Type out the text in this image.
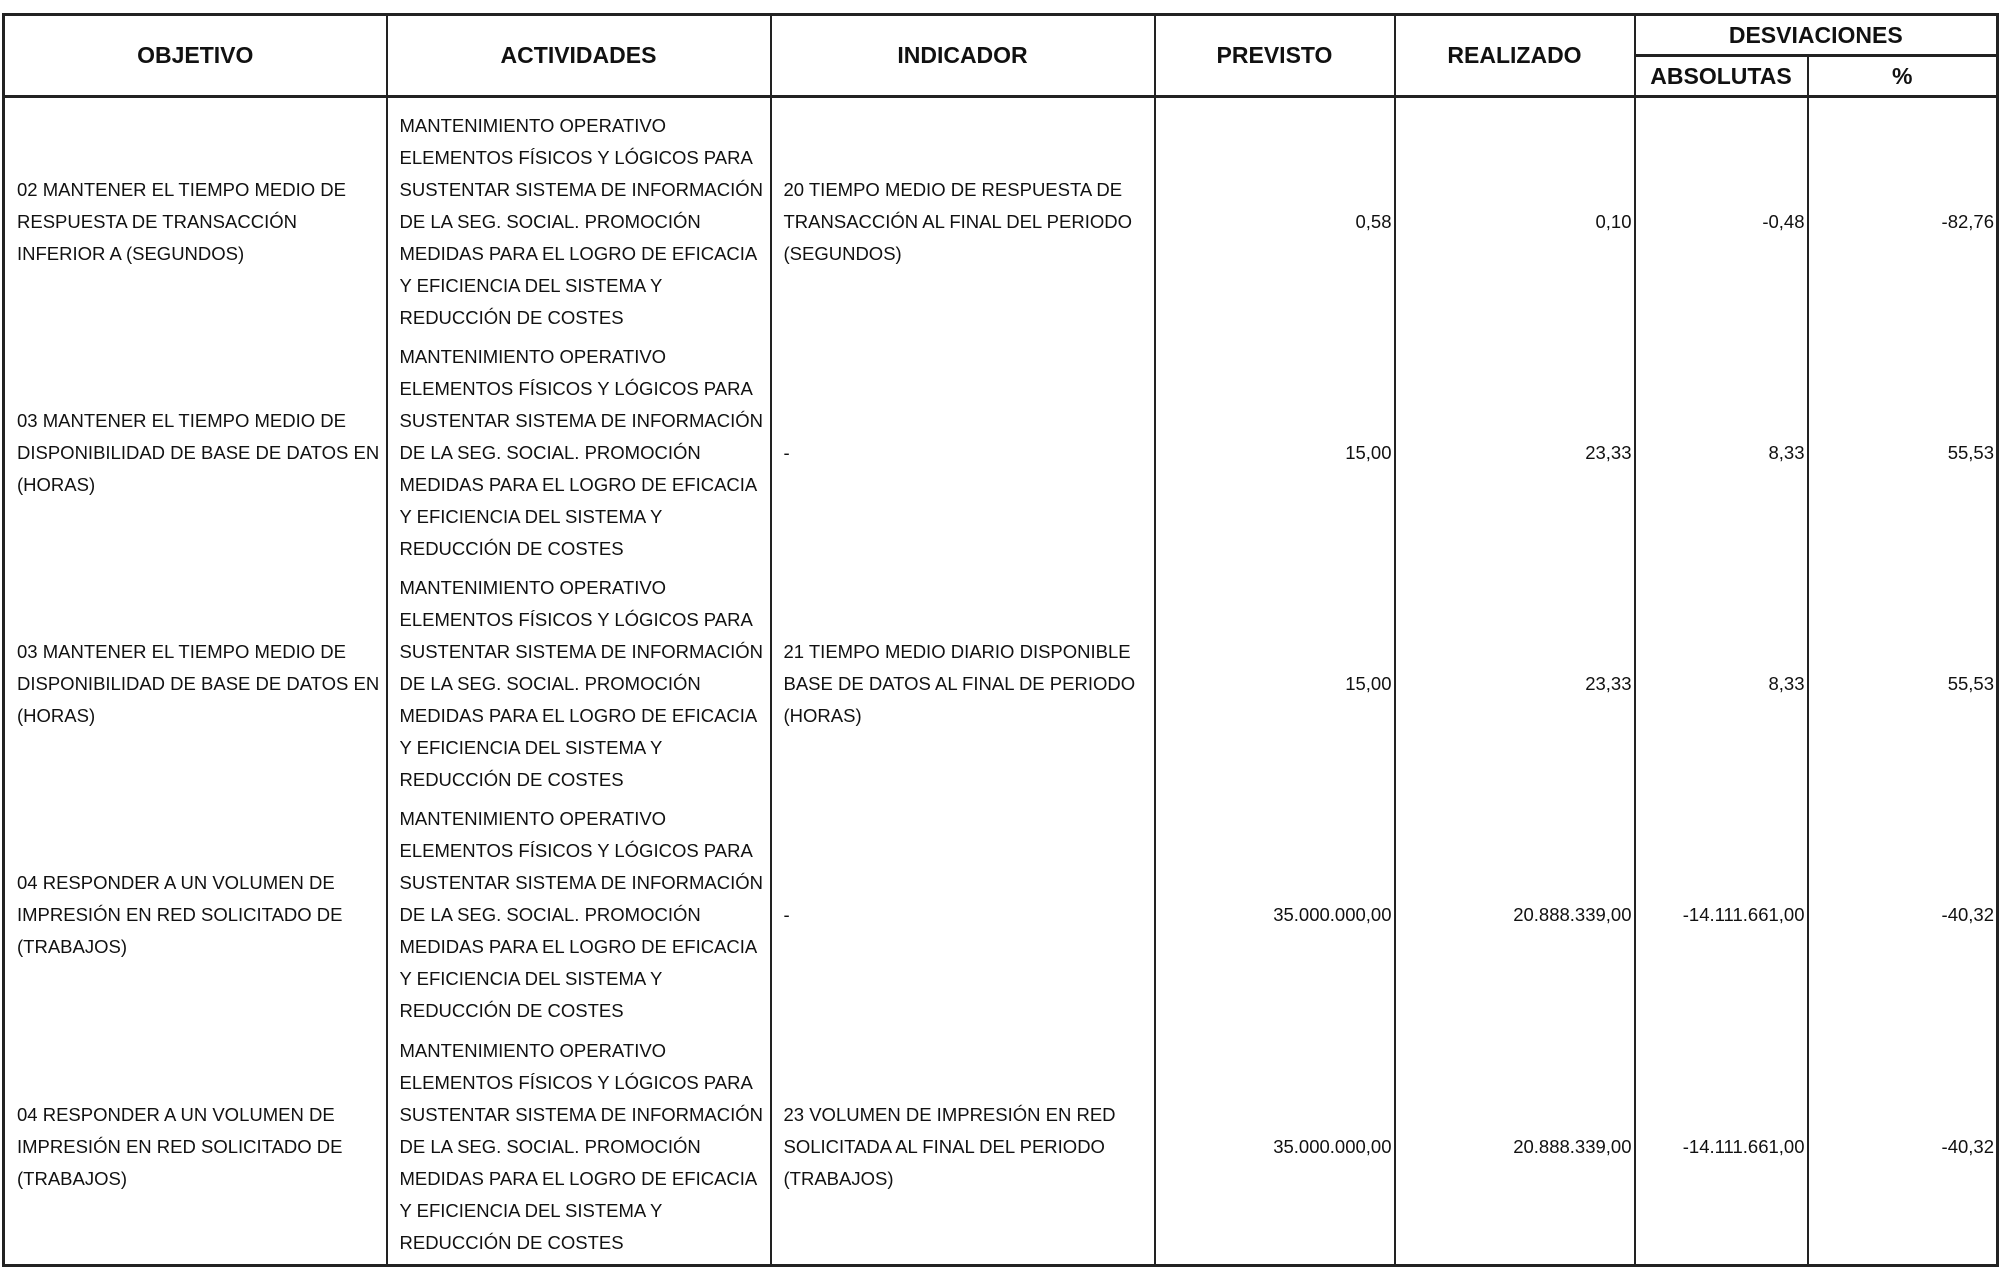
OBJETIVO	ACTIVIDADES	INDICADOR	PREVISTO	REALIZADO	DESVIACIONES	
					ABSOLUTAS	%

02 MANTENER EL TIEMPO MEDIO DE RESPUESTA DE TRANSACCIÓN INFERIOR A (SEGUNDOS)	MANTENIMIENTO OPERATIVO ELEMENTOS FÍSICOS Y LÓGICOS PARA SUSTENTAR SISTEMA DE INFORMACIÓN DE LA SEG. SOCIAL. PROMOCIÓN MEDIDAS PARA EL LOGRO DE EFICACIA Y EFICIENCIA DEL SISTEMA Y REDUCCIÓN DE COSTES	20 TIEMPO MEDIO DE RESPUESTA DE TRANSACCIÓN AL FINAL DEL PERIODO (SEGUNDOS)	0,58	0,10	-0,48	-82,76

03 MANTENER EL TIEMPO MEDIO DE DISPONIBILIDAD DE BASE DE DATOS EN (HORAS)	MANTENIMIENTO OPERATIVO ELEMENTOS FÍSICOS Y LÓGICOS PARA SUSTENTAR SISTEMA DE INFORMACIÓN DE LA SEG. SOCIAL. PROMOCIÓN MEDIDAS PARA EL LOGRO DE EFICACIA Y EFICIENCIA DEL SISTEMA Y REDUCCIÓN DE COSTES	-	15,00	23,33	8,33	55,53

03 MANTENER EL TIEMPO MEDIO DE DISPONIBILIDAD DE BASE DE DATOS EN (HORAS)	MANTENIMIENTO OPERATIVO ELEMENTOS FÍSICOS Y LÓGICOS PARA SUSTENTAR SISTEMA DE INFORMACIÓN DE LA SEG. SOCIAL. PROMOCIÓN MEDIDAS PARA EL LOGRO DE EFICACIA Y EFICIENCIA DEL SISTEMA Y REDUCCIÓN DE COSTES	21 TIEMPO MEDIO DIARIO DISPONIBLE BASE DE DATOS AL FINAL DE PERIODO (HORAS)	15,00	23,33	8,33	55,53

04 RESPONDER A UN VOLUMEN DE IMPRESIÓN EN RED SOLICITADO DE (TRABAJOS)	MANTENIMIENTO OPERATIVO ELEMENTOS FÍSICOS Y LÓGICOS PARA SUSTENTAR SISTEMA DE INFORMACIÓN DE LA SEG. SOCIAL. PROMOCIÓN MEDIDAS PARA EL LOGRO DE EFICACIA Y EFICIENCIA DEL SISTEMA Y REDUCCIÓN DE COSTES	-	35.000.000,00	20.888.339,00	-14.111.661,00	-40,32

04 RESPONDER A UN VOLUMEN DE IMPRESIÓN EN RED SOLICITADO DE (TRABAJOS)	MANTENIMIENTO OPERATIVO ELEMENTOS FÍSICOS Y LÓGICOS PARA SUSTENTAR SISTEMA DE INFORMACIÓN DE LA SEG. SOCIAL. PROMOCIÓN MEDIDAS PARA EL LOGRO DE EFICACIA Y EFICIENCIA DEL SISTEMA Y REDUCCIÓN DE COSTES	23 VOLUMEN DE IMPRESIÓN EN RED SOLICITADA AL FINAL DEL PERIODO (TRABAJOS)	35.000.000,00	20.888.339,00	-14.111.661,00	-40,32
